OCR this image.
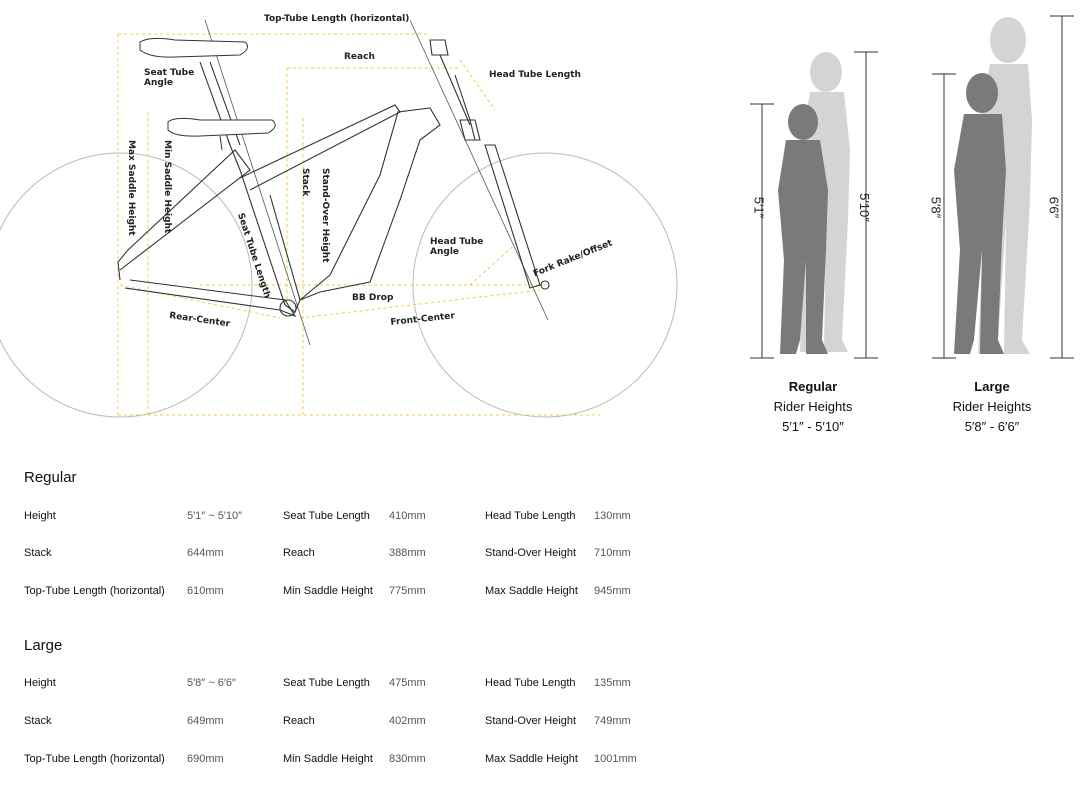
Top-Tube Length (horizontal)
Reach
Head Tube Length
Seat Tube
Angle
Max Saddle Height	Min Saddle Height	Stack Stand-Over Height
Seat Tube Length	Head Tube
Angle	Fork Rake/Offset
BB Drop
Rear-Center	Front-Center
5′1″	5′10″	5′8″	6′6″
Regular
Rider Heights
5′1″ - 5′10″
Large
Rider Heights
5′8″ - 6′6″
Regular
Height	5′1″ ~ 5′10″	Seat Tube Length 410mm	Head Tube Length 130mm
Stack	644mm	Reach	388mm	Stand-Over Height 710mm
Top-Tube Length (horizontal) 610mm	Min Saddle Height 775mm	Max Saddle Height 945mm
Large
Height	5′8″ ~ 6′6″	Seat Tube Length 475mm	Head Tube Length 135mm
Stack	649mm	Reach	402mm	Stand-Over Height 749mm
Top-Tube Length (horizontal) 690mm	Min Saddle Height 830mm	Max Saddle Height 1001mm
